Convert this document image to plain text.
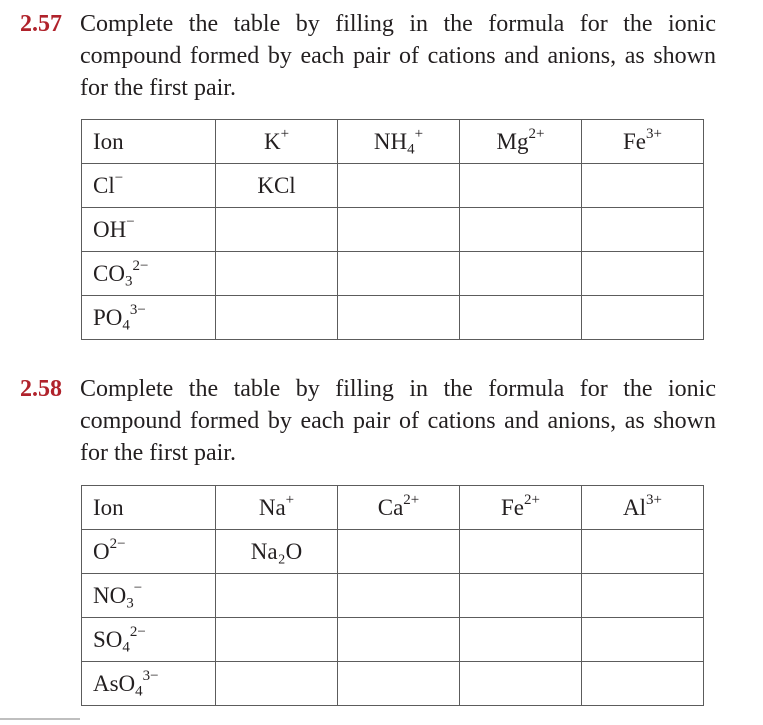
2.57 Complete the table by filling in the formula for the ionic compound formed by each pair of cations and anions, as shown for the first pair.
Ion	K+	$NH_4^+$	$Mg^{2+}$	$Fe^{3+}$
Cl−	KCl			
OH−				
$CO_3^{2-}$				
$PO_4^{3-}$				
2.58 Complete the table by filling in the formula for the ionic compound formed by each pair of cations and anions, as shown for the first pair.
Ion	Na+	$Ca^{2+}$	$Fe^{2+}$	$Al^{3+}$
$O^{2-}$	Na₂O			
$NO_3^-$				
$SO_4^{2-}$				
AsO$_4^{3-}$				
